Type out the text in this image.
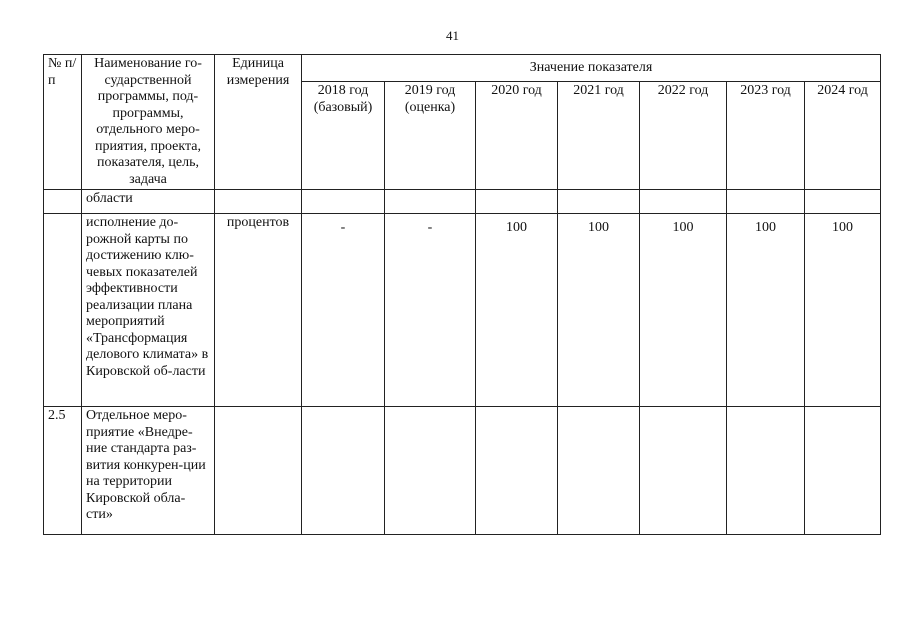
41
№ п/п	Наименование го-сударственной программы, под-программы, отдельного меро-приятия, проекта, показателя, цель, задача	Единица измерения	Значение показателя						
			2018 год (базовый)	2019 год (оценка)	2020 год	2021 год	2022 год	2023 год	2024 год
	области								
	исполнение до-рожной карты по достижению клю-чевых показателей эффективности реализации плана мероприятий «Трансформация делового климата» в Кировской об-ласти	процентов	-	-	100	100	100	100	100
2.5	Отдельное меро-приятие «Внедре-ние стандарта раз-вития конкурен-ции на территории Кировской обла-сти»								
